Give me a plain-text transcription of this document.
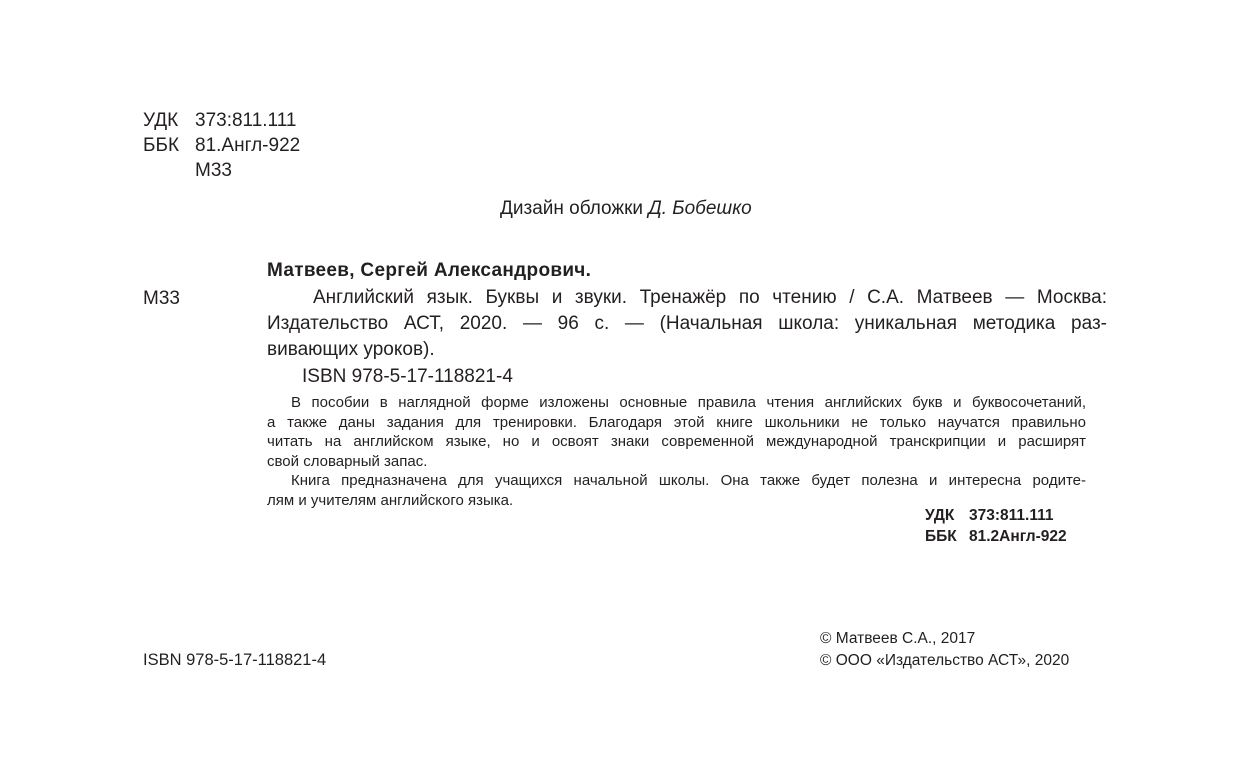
УДК 373:811.111
ББК 81.Англ-922
М33
Дизайн обложки Д. Бобешко
Матвеев, Сергей Александрович.
М33	Английский язык. Буквы и звуки. Тренажёр по чтению / С.А. Матвеев — Москва:
Издательство АСТ, 2020. — 96 с. — (Начальная школа: уникальная методика раз-
вивающих уроков).
ISBN 978-5-17-118821-4
В пособии в наглядной форме изложены основные правила чтения английских букв и буквосочетаний,
а также даны задания для тренировки. Благодаря этой книге школьники не только научатся правильно
читать на английском языке, но и освоят знаки современной международной транскрипции и расширят
свой словарный запас.
Книга предназначена для учащихся начальной школы. Она также будет полезна и интересна родите-
лям и учителям английского языка.
УДК 373:811.111
ББК 81.2Англ-922
ISBN 978-5-17-118821-4
© Матвеев С.А., 2017
© ООО «Издательство АСТ», 2020
